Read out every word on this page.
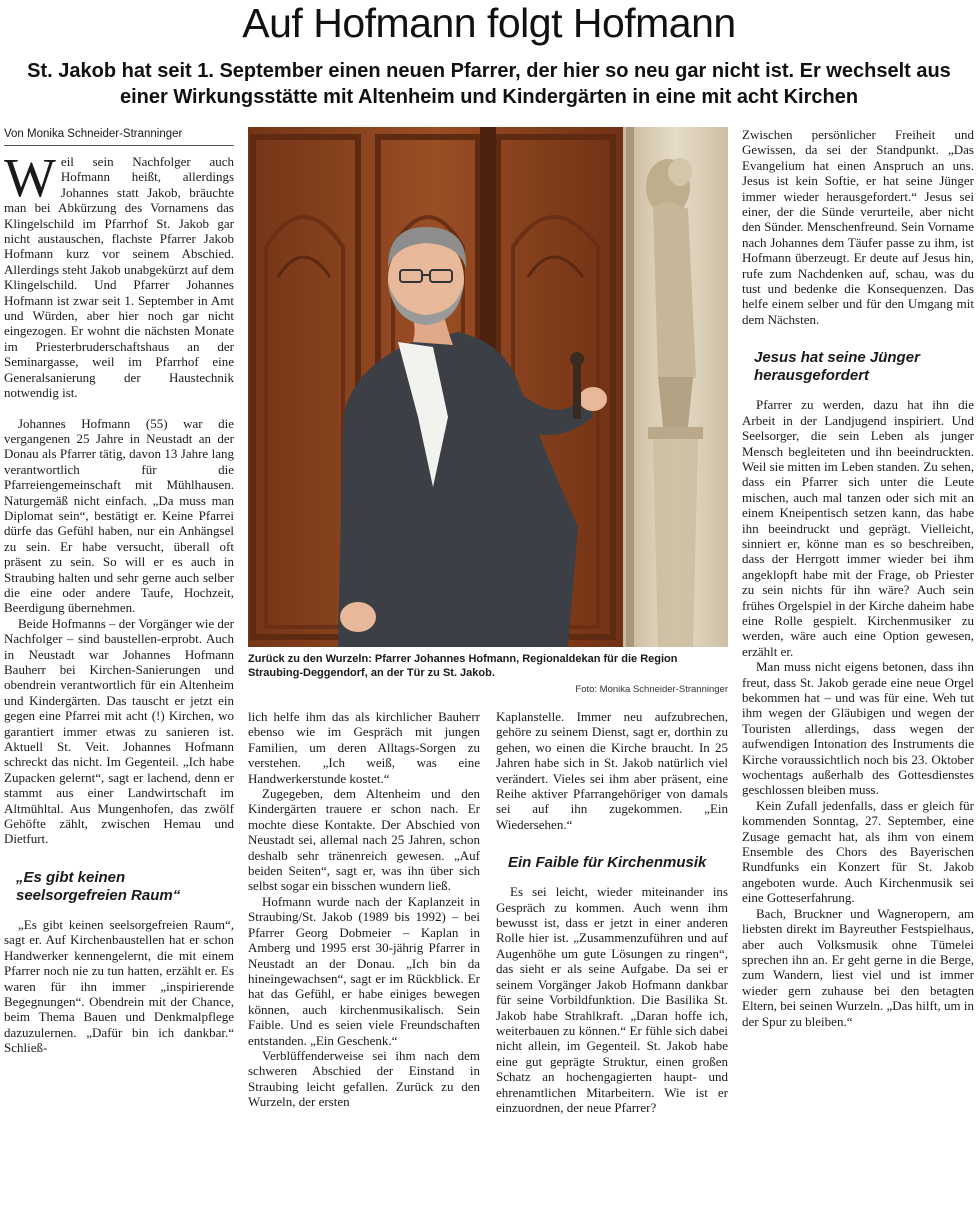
Auf Hofmann folgt Hofmann
St. Jakob hat seit 1. September einen neuen Pfarrer, der hier so neu gar nicht ist. Er wechselt aus einer Wirkungsstätte mit Altenheim und Kindergärten in eine mit acht Kirchen
Von Monika Schneider-Stranninger

Weil sein Nachfolger auch Hofmann heißt, allerdings Johannes statt Jakob, bräuchte man bei Abkürzung des Vornamens das Klingelschild im Pfarrhof St. Jakob gar nicht austauschen, flachste Pfarrer Jakob Hofmann kurz vor seinem Abschied. Allerdings steht Jakob unabgekürzt auf dem Klingelschild. Und Pfarrer Johannes Hofmann ist zwar seit 1. September in Amt und Würden, aber hier noch gar nicht eingezogen. Er wohnt die nächsten Monate im Priesterbruderschaftshaus an der Seminargasse, weil im Pfarrhof eine Generalsanierung der Haustechnik notwendig ist.

Johannes Hofmann (55) war die vergangenen 25 Jahre in Neustadt an der Donau als Pfarrer tätig, davon 13 Jahre lang verantwortlich für die Pfarreiengemeinschaft mit Mühlhausen. Naturgemäß nicht einfach. „Da muss man Diplomat sein“, bestätigt er. Keine Pfarrei dürfe das Gefühl haben, nur ein Anhängsel zu sein. Er habe versucht, überall oft präsent zu sein. So will er es auch in Straubing halten und sehr gerne auch selber die eine oder andere Taufe, Hochzeit, Beerdigung übernehmen.

Beide Hofmanns – der Vorgänger wie der Nachfolger – sind baustellen-erprobt. Auch in Neustadt war Johannes Hofmann Bauherr bei Kirchen-Sanierungen und obendrein verantwortlich für ein Altenheim und Kindergärten. Das tauscht er jetzt ein gegen eine Pfarrei mit acht (!) Kirchen, wo garantiert immer etwas zu sanieren ist. Aktuell St. Veit. Johannes Hofmann schreckt das nicht. Im Gegenteil. „Ich habe Zupacken gelernt“, sagt er lachend, denn er stammt aus einer Landwirtschaft im Altmühltal. Aus Mungenhofen, das zwölf Gehöfte zählt, zwischen Hemau und Dietfurt.

„Es gibt keinen seelsorgefreien Raum“

„Es gibt keinen seelsorgefreien Raum“, sagt er. Auf Kirchenbaustellen hat er schon Handwerker kennengelernt, die mit einem Pfarrer noch nie zu tun hatten, erzählt er. Es waren für ihn immer „inspirierende Begegnungen“. Obendrein mit der Chance, beim Thema Bauen und Denkmalpflege dazuzulernen. „Dafür bin ich dankbar.“ Schließ-

Zurück zu den Wurzeln: Pfarrer Johannes Hofmann, Regionaldekan für die Region Straubing-Deggendorf, an der Tür zu St. Jakob.
Foto: Monika Schneider-Stranninger

lich helfe ihm das als kirchlicher Bauherr ebenso wie im Gespräch mit jungen Familien, um deren Alltags-Sorgen zu verstehen. „Ich weiß, was eine Handwerkerstunde kostet.“

Zugegeben, dem Altenheim und den Kindergärten trauere er schon nach. Er mochte diese Kontakte. Der Abschied von Neustadt sei, allemal nach 25 Jahren, schon deshalb sehr tränenreich gewesen. „Auf beiden Seiten“, sagt er, was ihn über sich selbst sogar ein bisschen wundern ließ.

Hofmann wurde nach der Kaplanzeit in Straubing/St. Jakob (1989 bis 1992) – bei Pfarrer Georg Dobmeier – Kaplan in Amberg und 1995 erst 30-jährig Pfarrer in Neustadt an der Donau. „Ich bin da hineingewachsen“, sagt er im Rückblick. Er hat das Gefühl, er habe einiges bewegen können, auch kirchenmusikalisch. Sein Faible. Und es seien viele Freundschaften entstanden. „Ein Geschenk.“

Verblüffenderweise sei ihm nach dem schweren Abschied der Einstand in Straubing leicht gefallen. Zurück zu den Wurzeln, der ersten

Kaplanstelle. Immer neu aufzubrechen, gehöre zu seinem Dienst, sagt er, dorthin zu gehen, wo einen die Kirche braucht. In 25 Jahren habe sich in St. Jakob natürlich viel verändert. Vieles sei ihm aber präsent, eine Reihe aktiver Pfarrangehöriger von damals sei auf ihn zugekommen. „Ein Wiedersehen.“

Ein Faible für Kirchenmusik

Es sei leicht, wieder miteinander ins Gespräch zu kommen. Auch wenn ihm bewusst ist, dass er jetzt in einer anderen Rolle hier ist. „Zusammenzuführen und auf Augenhöhe um gute Lösungen zu ringen“, das sieht er als seine Aufgabe. Da sei er seinem Vorgänger Jakob Hofmann dankbar für seine Vorbildfunktion. Die Basilika St. Jakob habe Strahlkraft. „Daran hoffe ich, weiterbauen zu können.“ Er fühle sich dabei nicht allein, im Gegenteil. St. Jakob habe eine gut geprägte Struktur, einen großen Schatz an hochengagierten haupt- und ehrenamtlichen Mitarbeitern. Wie ist er einzuordnen, der neue Pfarrer?

Zwischen persönlicher Freiheit und Gewissen, da sei der Standpunkt. „Das Evangelium hat einen Anspruch an uns. Jesus ist kein Softie, er hat seine Jünger immer wieder herausgefordert.“ Jesus sei einer, der die Sünde verurteile, aber nicht den Sünder. Menschenfreund. Sein Vorname nach Johannes dem Täufer passe zu ihm, ist Hofmann überzeugt. Er deute auf Jesus hin, rufe zum Nachdenken auf, schau, was du tust und bedenke die Konsequenzen. Das helfe einem selber und für den Umgang mit dem Nächsten.

Jesus hat seine Jünger herausgefordert

Pfarrer zu werden, dazu hat ihn die Arbeit in der Landjugend inspiriert. Und Seelsorger, die sein Leben als junger Mensch begleiteten und ihn beeindruckten. Weil sie mitten im Leben standen. Zu sehen, dass ein Pfarrer sich unter die Leute mischen, auch mal tanzen oder sich mit an einem Kneipentisch setzen kann, das habe ihn beeindruckt und geprägt. Vielleicht, sinniert er, könne man es so beschreiben, dass der Herrgott immer wieder bei ihm angeklopft habe mit der Frage, ob Priester zu sein nichts für ihn wäre? Auch sein frühes Orgelspiel in der Kirche daheim habe eine Rolle gespielt. Kirchenmusiker zu werden, wäre auch eine Option gewesen, erzählt er.

Man muss nicht eigens betonen, dass ihn freut, dass St. Jakob gerade eine neue Orgel bekommen hat – und was für eine. Weh tut ihm wegen der Gläubigen und wegen der Touristen allerdings, dass wegen der aufwendigen Intonation des Instruments die Kirche voraussichtlich noch bis 23. Oktober wochentags außerhalb des Gottesdienstes geschlossen bleiben muss.

Kein Zufall jedenfalls, dass er gleich für kommenden Sonntag, 27. September, eine Zusage gemacht hat, als ihm von einem Ensemble des Chors des Bayerischen Rundfunks ein Konzert für St. Jakob angeboten wurde. Auch Kirchenmusik sei eine Gotteserfahrung.

Bach, Bruckner und Wagneropern, am liebsten direkt im Bayreuther Festspielhaus, aber auch Volksmusik ohne Tümelei sprechen ihn an. Er geht gerne in die Berge, zum Wandern, liest viel und ist immer wieder gern zuhause bei den betagten Eltern, bei seinen Wurzeln. „Das hilft, um in der Spur zu bleiben.“
